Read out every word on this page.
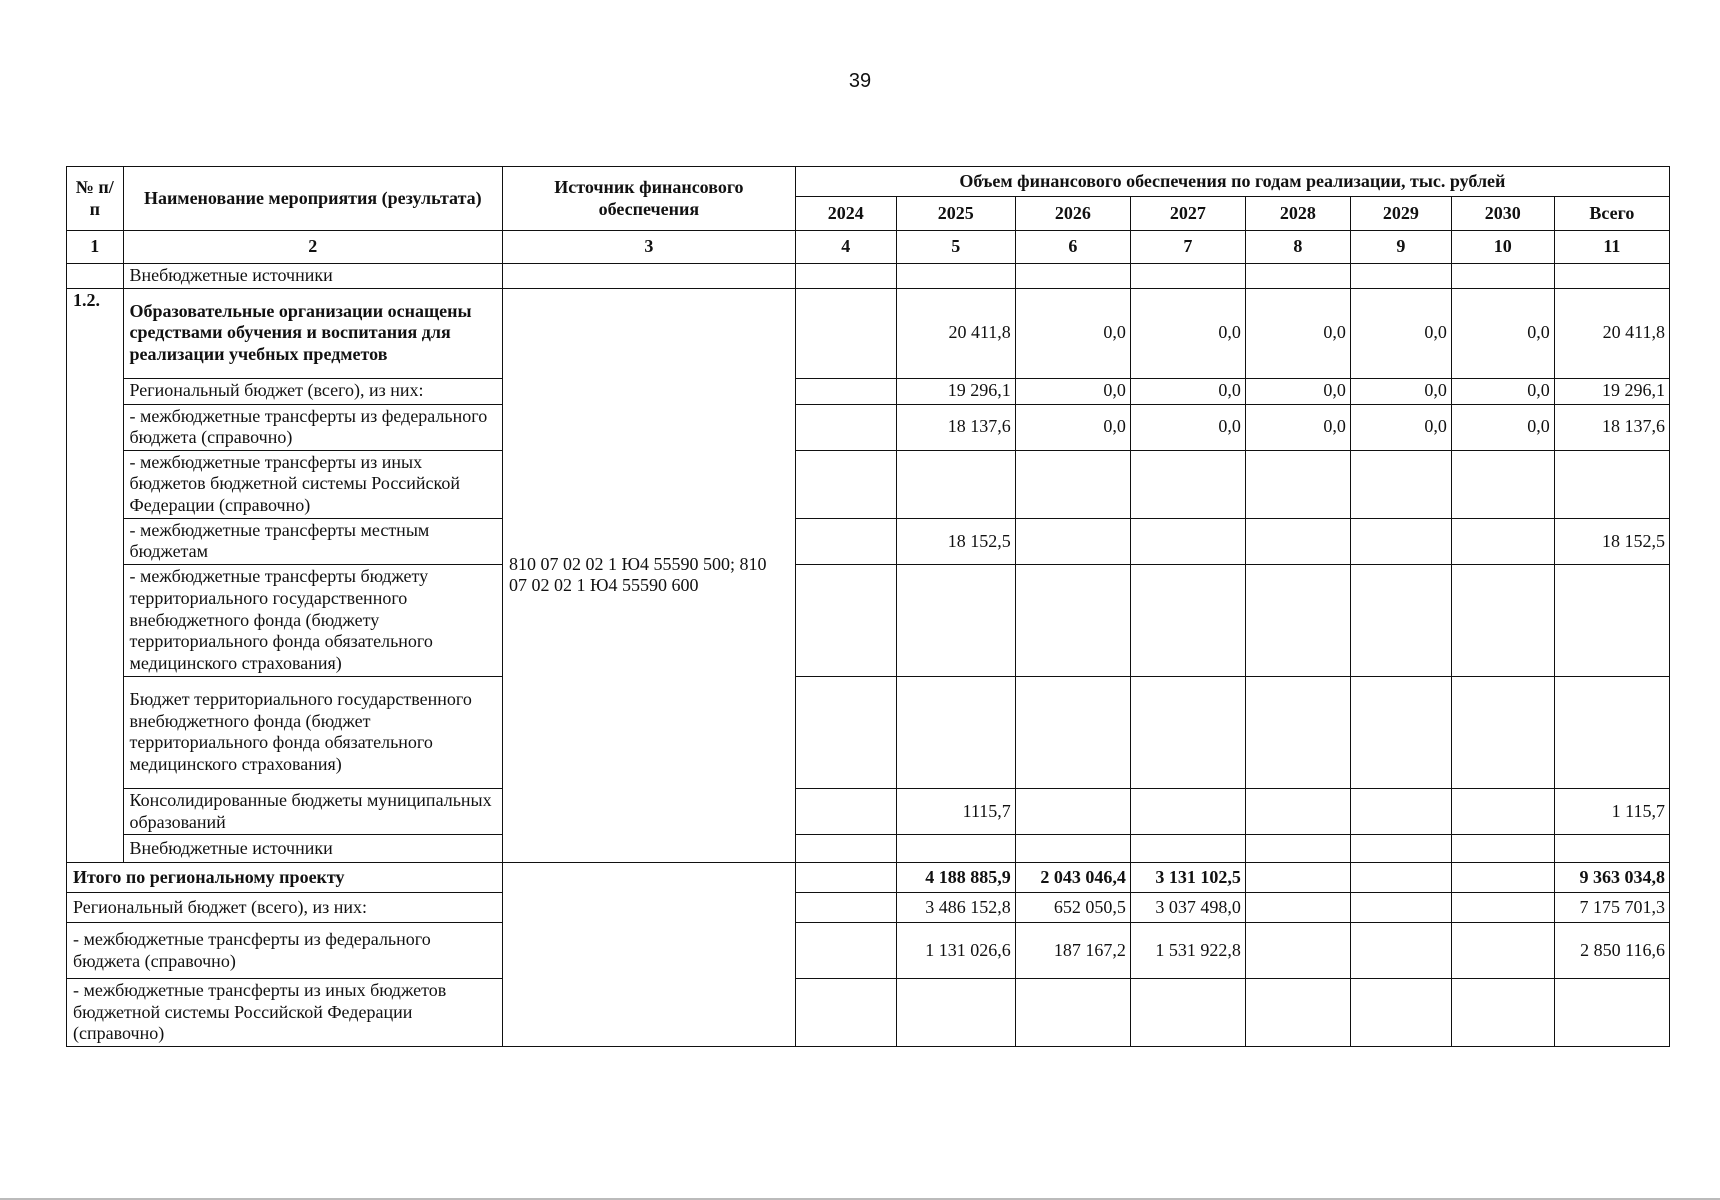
39
№ п/п	Наименование мероприятия (результата)	Источник финансового обеспечения	Объем финансового обеспечения по годам реализации, тыс. рублей							
			2024	2025	2026	2027	2028	2029	2030	Всего
1	2	3	4	5	6	7	8	9	10	11
	Внебюджетные источники									
1.2.	Образовательные организации оснащены средствами обучения и воспитания для реализации учебных предметов	810 07 02 02 1 Ю4 55590 500; 810 07 02 02 1 Ю4 55590 600		20 411,8	0,0	0,0	0,0	0,0	0,0	20 411,8
	Региональный бюджет (всего), из них:			19 296,1	0,0	0,0	0,0	0,0	0,0	19 296,1
	- межбюджетные трансферты из федерального бюджета (справочно)			18 137,6	0,0	0,0	0,0	0,0	0,0	18 137,6
	- межбюджетные трансферты из иных бюджетов бюджетной системы Российской Федерации (справочно)									
	- межбюджетные трансферты местным бюджетам			18 152,5						18 152,5
	- межбюджетные трансферты бюджету территориального государственного внебюджетного фонда (бюджету территориального фонда обязательного медицинского страхования)									
	Бюджет территориального государственного внебюджетного фонда (бюджет территориального фонда обязательного медицинского страхования)									
	Консолидированные бюджеты муниципальных образований			1115,7						1 115,7
	Внебюджетные источники									
Итого по региональному проекту				4 188 885,9	2 043 046,4	3 131 102,5				9 363 034,8
Региональный бюджет (всего), из них:				3 486 152,8	652 050,5	3 037 498,0				7 175 701,3
- межбюджетные трансферты из федерального бюджета (справочно)				1 131 026,6	187 167,2	1 531 922,8				2 850 116,6
- межбюджетные трансферты из иных бюджетов бюджетной системы Российской Федерации (справочно)										
